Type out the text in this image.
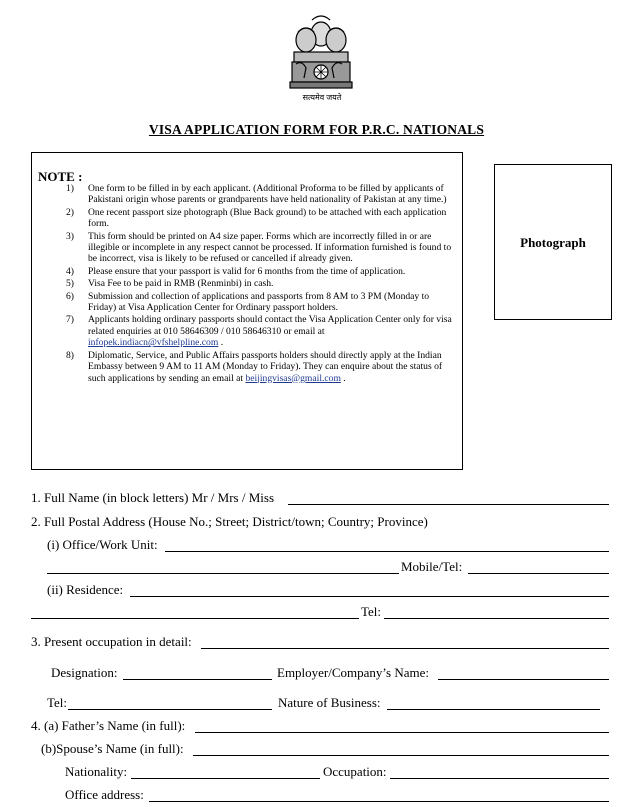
सत्यमेव जयते
VISA APPLICATION FORM FOR P.R.C. NATIONALS
NOTE :
1)	One form to be filled in by each applicant. (Additional Proforma to be filled by applicants of Pakistani origin whose parents or grandparents have held nationality of Pakistan at any time.)
2)	One recent passport size photograph (Blue Back ground) to be attached with each application form.
3)	This form should be printed on A4 size paper. Forms which are incorrectly filled in or are illegible or incomplete in any respect cannot be processed. If information furnished is found to be incorrect, visa is likely to be refused or cancelled if already given.
4)	Please ensure that your passport is valid for 6 months from the time of application.
5)	Visa Fee to be paid in RMB (Renminbi) in cash.
6)	Submission and collection of applications and passports from 8 AM to 3 PM (Monday to Friday) at Visa Application Center for Ordinary passport holders.
7)	Applicants holding ordinary passports should contact the Visa Application Center only for visa related enquiries at 010 58646309 / 010 58646310 or email at infopek.indiacn@vfshelpline.com .
8)	Diplomatic, Service, and Public Affairs passports holders should directly apply at the Indian Embassy between 9 AM to 11 AM (Monday to Friday). They can enquire about the status of such applications by sending an email at beijingvisas@gmail.com .
Photograph
1. Full Name (in block letters) Mr / Mrs / Miss
2. Full Postal Address (House No.; Street; District/town; Country; Province)
(i) Office/Work Unit:
Mobile/Tel:
(ii) Residence:
Tel:
3. Present occupation in detail:
Designation:	Employer/Company’s Name:
Tel:	Nature of Business:
4. (a) Father’s Name (in full):
(b)Spouse’s Name (in full):
Nationality:	Occupation:
Office address:
